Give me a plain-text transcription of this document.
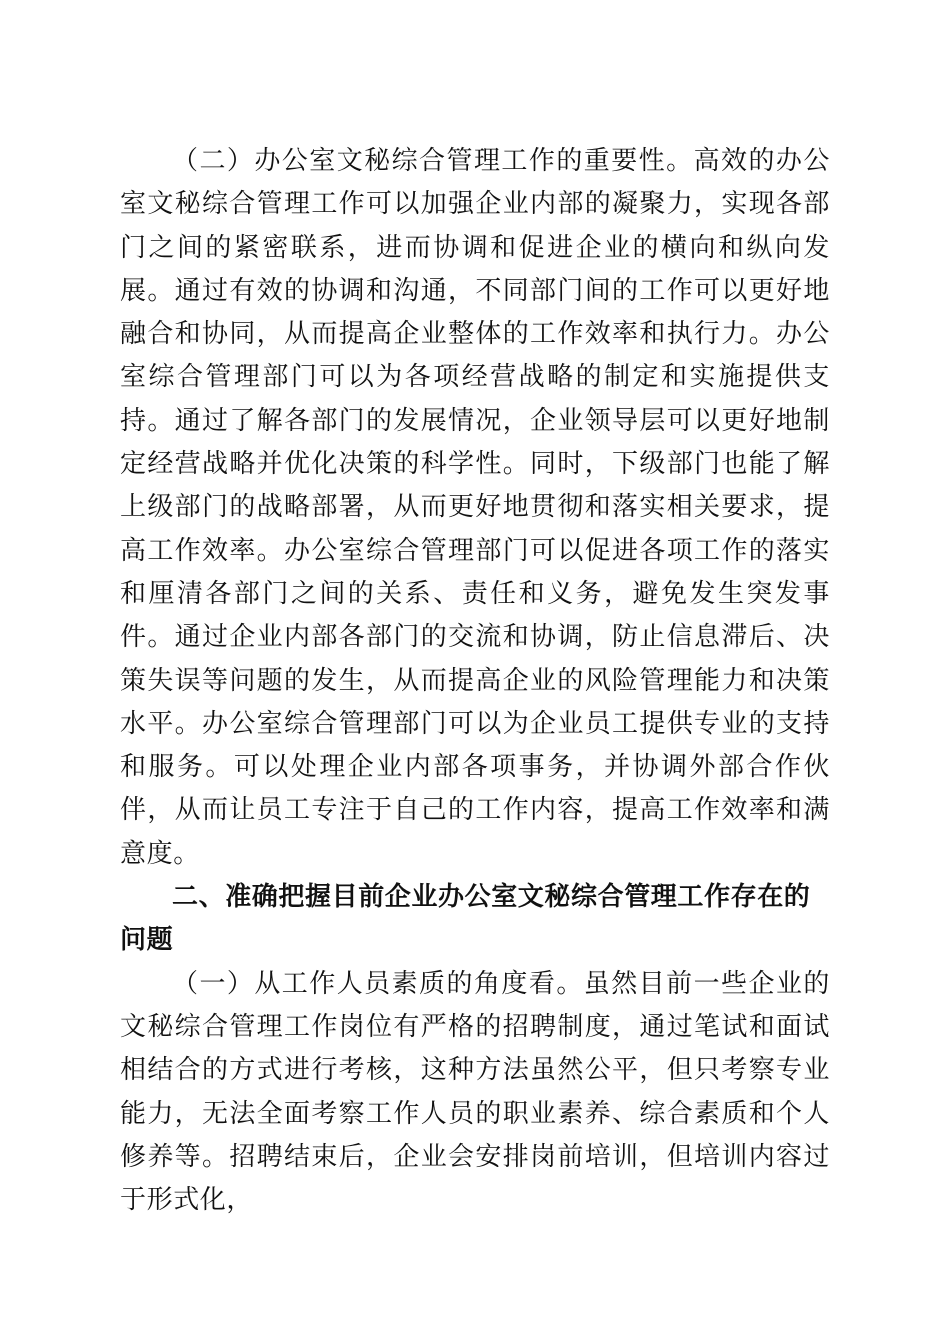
（二）办公室文秘综合管理工作的重要性。高效的办公室文秘综合管理工作可以加强企业内部的凝聚力，实现各部门之间的紧密联系，进而协调和促进企业的横向和纵向发展。通过有效的协调和沟通，不同部门间的工作可以更好地融合和协同，从而提高企业整体的工作效率和执行力。办公室综合管理部门可以为各项经营战略的制定和实施提供支持。通过了解各部门的发展情况，企业领导层可以更好地制定经营战略并优化决策的科学性。同时，下级部门也能了解上级部门的战略部署，从而更好地贯彻和落实相关要求，提高工作效率。办公室综合管理部门可以促进各项工作的落实和厘清各部门之间的关系、责任和义务，避免发生突发事件。通过企业内部各部门的交流和协调，防止信息滞后、决策失误等问题的发生，从而提高企业的风险管理能力和决策水平。办公室综合管理部门可以为企业员工提供专业的支持和服务。可以处理企业内部各项事务，并协调外部合作伙伴，从而让员工专注于自己的工作内容，提高工作效率和满意度。

二、准确把握目前企业办公室文秘综合管理工作存在的问题

（一）从工作人员素质的角度看。虽然目前一些企业的文秘综合管理工作岗位有严格的招聘制度，通过笔试和面试相结合的方式进行考核，这种方法虽然公平，但只考察专业能力，无法全面考察工作人员的职业素养、综合素质和个人修养等。招聘结束后，企业会安排岗前培训，但培训内容过于形式化，
